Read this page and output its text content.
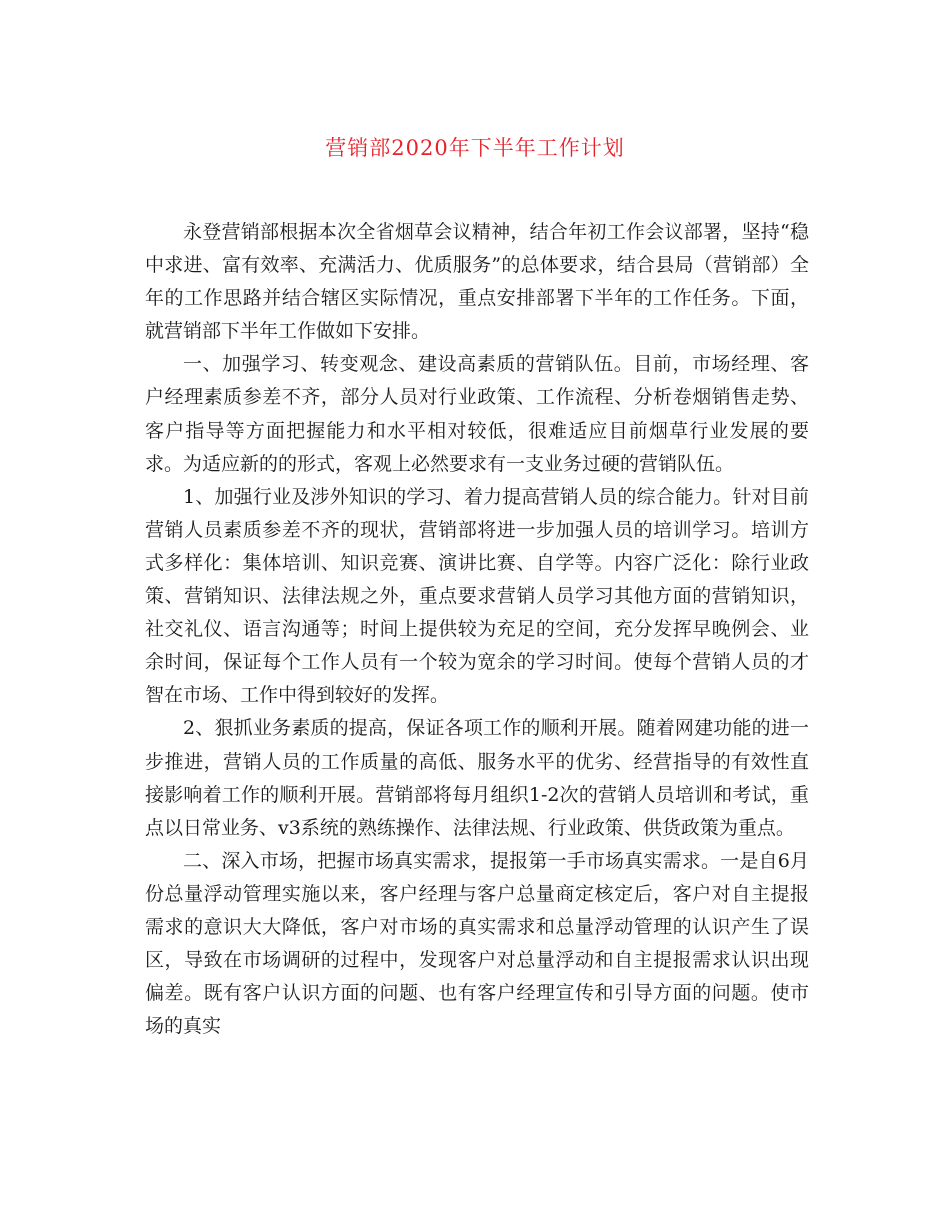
营销部2020年下半年工作计划

永登营销部根据本次全省烟草会议精神，结合年初工作会议部署，坚持“稳中求进、富有效率、充满活力、优质服务”的总体要求，结合县局（营销部）全年的工作思路并结合辖区实际情况，重点安排部署下半年的工作任务。下面，就营销部下半年工作做如下安排。

一、加强学习、转变观念、建设高素质的营销队伍。目前，市场经理、客户经理素质参差不齐，部分人员对行业政策、工作流程、分析卷烟销售走势、客户指导等方面把握能力和水平相对较低，很难适应目前烟草行业发展的要求。为适应新的的形式，客观上必然要求有一支业务过硬的营销队伍。

1、加强行业及涉外知识的学习、着力提高营销人员的综合能力。针对目前营销人员素质参差不齐的现状，营销部将进一步加强人员的培训学习。培训方式多样化：集体培训、知识竞赛、演讲比赛、自学等。内容广泛化：除行业政策、营销知识、法律法规之外，重点要求营销人员学习其他方面的营销知识，社交礼仪、语言沟通等；时间上提供较为充足的空间，充分发挥早晚例会、业余时间，保证每个工作人员有一个较为宽余的学习时间。使每个营销人员的才智在市场、工作中得到较好的发挥。

2、狠抓业务素质的提高，保证各项工作的顺利开展。随着网建功能的进一步推进，营销人员的工作质量的高低、服务水平的优劣、经营指导的有效性直接影响着工作的顺利开展。营销部将每月组织1-2次的营销人员培训和考试，重点以日常业务、v3系统的熟练操作、法律法规、行业政策、供货政策为重点。

二、深入市场，把握市场真实需求，提报第一手市场真实需求。一是自6月份总量浮动管理实施以来，客户经理与客户总量商定核定后，客户对自主提报需求的意识大大降低，客户对市场的真实需求和总量浮动管理的认识产生了误区，导致在市场调研的过程中，发现客户对总量浮动和自主提报需求认识出现偏差。既有客户认识方面的问题、也有客户经理宣传和引导方面的问题。使市场的真实
